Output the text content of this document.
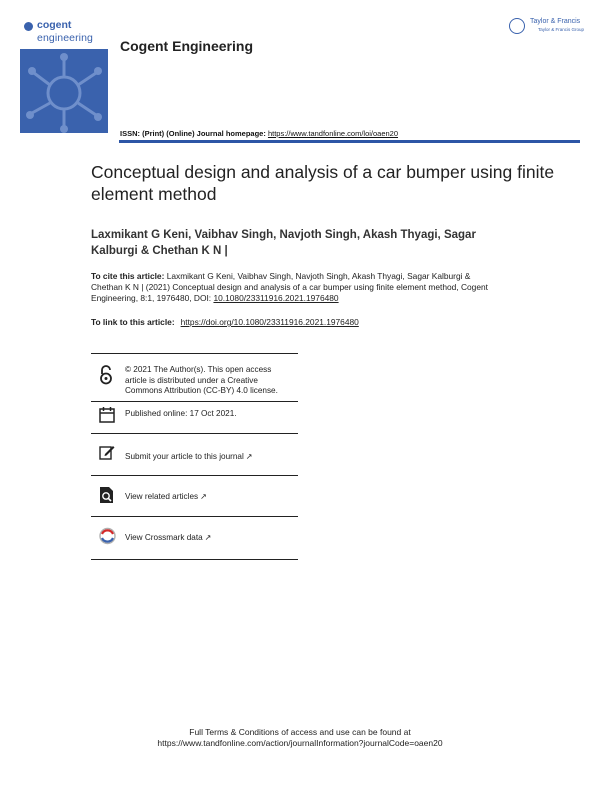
cogent
engineering Cogent Engineering
Taylor & Francis
Taylor & Francis Group
ISSN: (Print) (Online) Journal homepage: https://www.tandfonline.com/loi/oaen20
Conceptual design and analysis of a car bumper using finite element method
Laxmikant G Keni, Vaibhav Singh, Navjoth Singh, Akash Thyagi, Sagar Kalburgi & Chethan K N |
To cite this article: Laxmikant G Keni, Vaibhav Singh, Navjoth Singh, Akash Thyagi, Sagar Kalburgi & Chethan K N | (2021) Conceptual design and analysis of a car bumper using finite element method, Cogent Engineering, 8:1, 1976480, DOI: 10.1080/23311916.2021.1976480
To link to this article: https://doi.org/10.1080/23311916.2021.1976480
© 2021 The Author(s). This open access article is distributed under a Creative Commons Attribution (CC-BY) 4.0 license.
Published online: 17 Oct 2021.
Submit your article to this journal ↗
View related articles ↗
View Crossmark data ↗
Full Terms & Conditions of access and use can be found at
https://www.tandfonline.com/action/journalInformation?journalCode=oaen20
